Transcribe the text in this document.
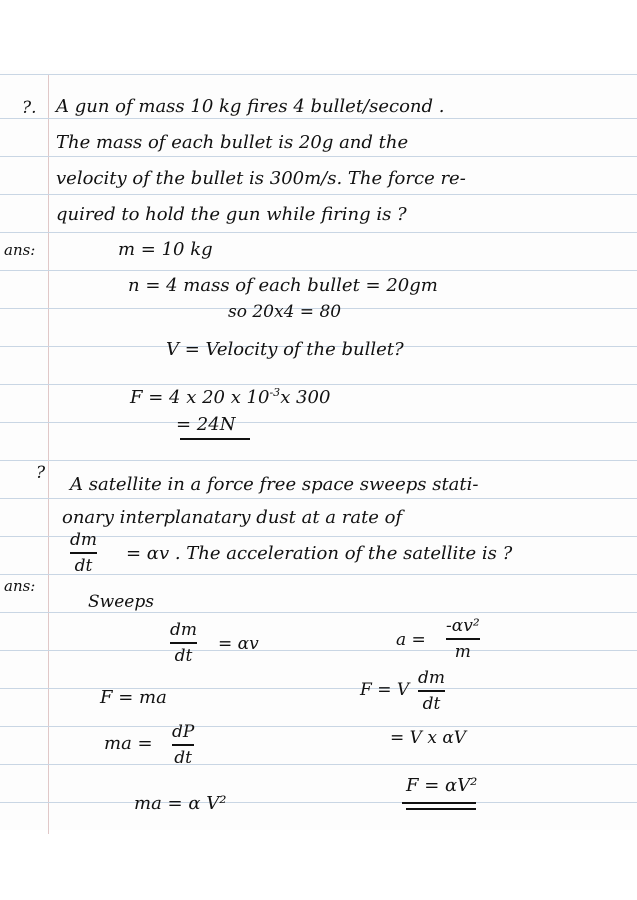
?. A gun of mass 10 kg fires 4 bullet/second .
The mass of each bullet is 20g and the
velocity of the bullet is 300m/s. The force re-
quired to hold the gun while firing is ?
ans:	m = 10 kg
n = 4 mass of each bullet = 20gm
so 20x4 = 80
V = Velocity of the bullet?
F = 4 x 20 x $10^{-3}x$ 300
= 24N
?
A satellite in a force free space sweeps stati-
onary interplanatary dust at a rate of
dm
dt
= αv . The acceleration of the satellite is ?
ans:
Sweeps
dm
dt
= αv	a =
-αv²
m
F = ma	F = V
dm
dt
ma =
dP
dt
= V x αV
F = αV²
ma = α V²
